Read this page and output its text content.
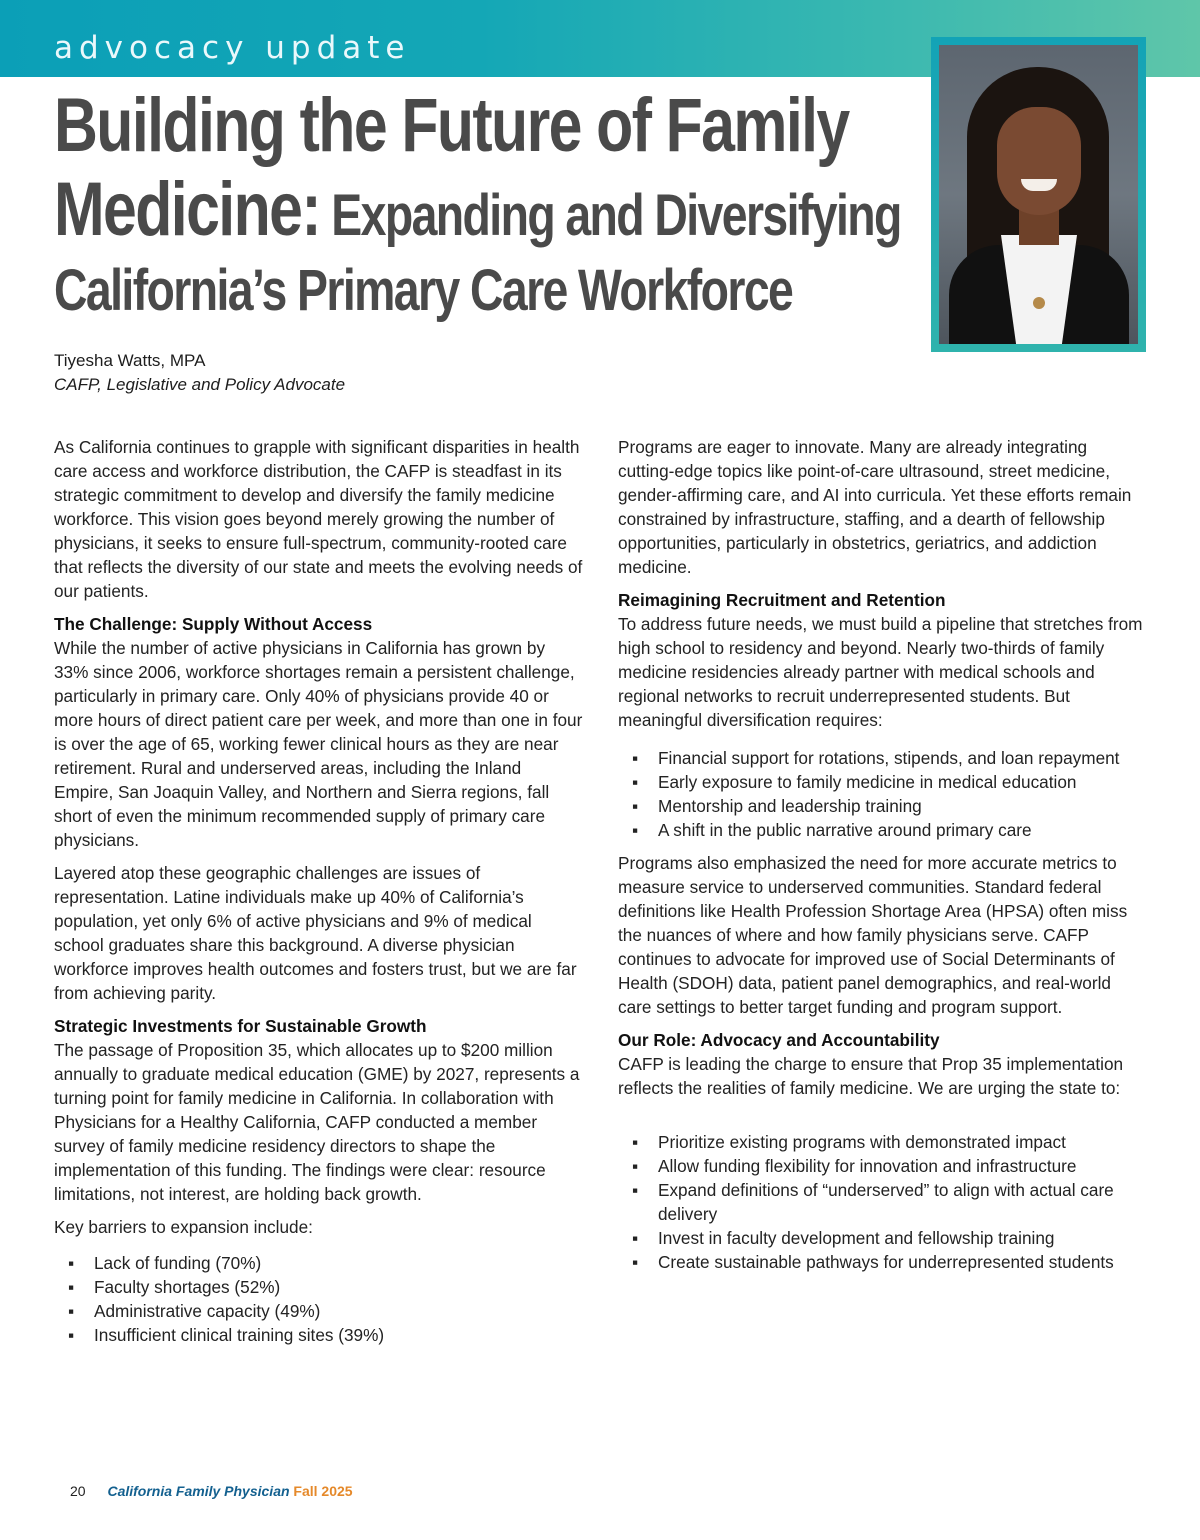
advocacy update
Building the Future of Family
Medicine: Expanding and Diversifying
California’s Primary Care Workforce
Tiyesha Watts, MPA
CAFP, Legislative and Policy Advocate

As California continues to grapple with significant disparities in health care access and workforce distribution, the CAFP is steadfast in its strategic commitment to develop and diversify the family medicine workforce. This vision goes beyond merely growing the number of physicians, it seeks to ensure full-spectrum, community-rooted care that reflects the diversity of our state and meets the evolving needs of our patients.

The Challenge: Supply Without Access

While the number of active physicians in California has grown by 33% since 2006, workforce shortages remain a persistent challenge, particularly in primary care. Only 40% of physicians provide 40 or more hours of direct patient care per week, and more than one in four is over the age of 65, working fewer clinical hours as they are near retirement. Rural and underserved areas, including the Inland Empire, San Joaquin Valley, and Northern and Sierra regions, fall short of even the minimum recommended supply of primary care physicians.

Layered atop these geographic challenges are issues of representation. Latine individuals make up 40% of California’s population, yet only 6% of active physicians and 9% of medical school graduates share this background. A diverse physician workforce improves health outcomes and fosters trust, but we are far from achieving parity.

Strategic Investments for Sustainable Growth

The passage of Proposition 35, which allocates up to $200 million annually to graduate medical education (GME) by 2027, represents a turning point for family medicine in California. In collaboration with Physicians for a Healthy California, CAFP conducted a member survey of family medicine residency directors to shape the implementation of this funding. The findings were clear: resource limitations, not interest, are holding back growth.

Key barriers to expansion include:

▪ Lack of funding (70%)
▪ Faculty shortages (52%)
▪ Administrative capacity (49%)
▪ Insufficient clinical training sites (39%)

Programs are eager to innovate. Many are already integrating cutting-edge topics like point-of-care ultrasound, street medicine, gender-affirming care, and AI into curricula. Yet these efforts remain constrained by infrastructure, staffing, and a dearth of fellowship opportunities, particularly in obstetrics, geriatrics, and addiction medicine.

Reimagining Recruitment and Retention

To address future needs, we must build a pipeline that stretches from high school to residency and beyond. Nearly two-thirds of family medicine residencies already partner with medical schools and regional networks to recruit underrepresented students. But meaningful diversification requires:

▪ Financial support for rotations, stipends, and loan repayment
▪ Early exposure to family medicine in medical education
▪ Mentorship and leadership training
▪ A shift in the public narrative around primary care

Programs also emphasized the need for more accurate metrics to measure service to underserved communities. Standard federal definitions like Health Profession Shortage Area (HPSA) often miss the nuances of where and how family physicians serve. CAFP continues to advocate for improved use of Social Determinants of Health (SDOH) data, patient panel demographics, and real-world care settings to better target funding and program support.

Our Role: Advocacy and Accountability

CAFP is leading the charge to ensure that Prop 35 implementation reflects the realities of family medicine. We are urging the state to:

▪ Prioritize existing programs with demonstrated impact
▪ Allow funding flexibility for innovation and infrastructure
▪ Expand definitions of “underserved” to align with actual care delivery
▪ Invest in faculty development and fellowship training
▪ Create sustainable pathways for underrepresented students
20 California Family Physician Fall 2025
